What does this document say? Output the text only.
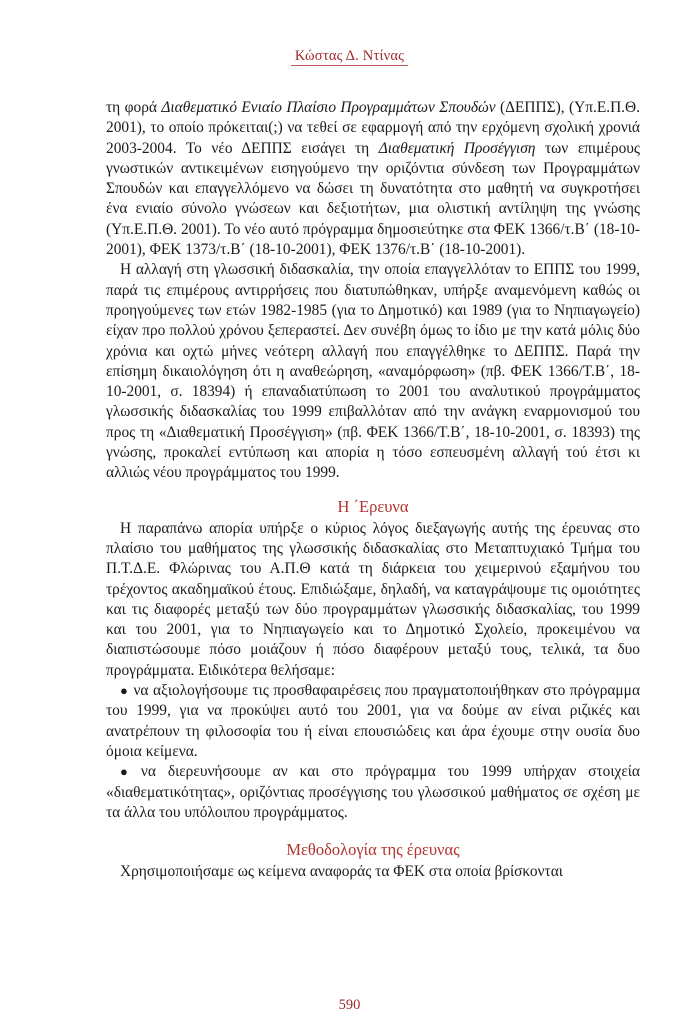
Κώστας Δ. Ντίνας

τη φορά Διαθεματικό Ενιαίο Πλαίσιο Προγραμμάτων Σπουδών (ΔΕΠΠΣ), (Υπ.Ε.Π.Θ. 2001), το οποίο πρόκειται(;) να τεθεί σε εφαρμογή από την ερχόμενη σχολική χρονιά 2003-2004. Το νέο ΔΕΠΠΣ εισάγει τη Διαθεματική Προσέγγιση των επιμέρους γνωστικών αντικειμένων εισηγούμενο την οριζόντια σύνδεση των Προγραμμάτων Σπουδών και επαγγελλόμενο να δώσει τη δυνατότητα στο μαθητή να συγκροτήσει ένα ενιαίο σύνολο γνώσεων και δεξιοτήτων, μια ολιστική αντίληψη της γνώσης (Υπ.Ε.Π.Θ. 2001). Το νέο αυτό πρόγραμμα δημοσιεύτηκε στα ΦΕΚ 1366/τ.Β΄ (18-10-2001), ΦΕΚ 1373/τ.Β΄ (18-10-2001), ΦΕΚ 1376/τ.Β΄ (18-10-2001).

Η αλλαγή στη γλωσσική διδασκαλία, την οποία επαγγελλόταν το ΕΠΠΣ του 1999, παρά τις επιμέρους αντιρρήσεις που διατυπώθηκαν, υπήρξε αναμενόμενη καθώς οι προηγούμενες των ετών 1982-1985 (για το Δημοτικό) και 1989 (για το Νηπιαγωγείο) είχαν προ πολλού χρόνου ξεπεραστεί. Δεν συνέβη όμως το ίδιο με την κατά μόλις δύο χρόνια και οχτώ μήνες νεότερη αλλαγή που επαγγέλθηκε το ΔΕΠΠΣ. Παρά την επίσημη δικαιολόγηση ότι η αναθεώρηση, «αναμόρφωση» (πβ. ΦΕΚ 1366/Τ.Β΄, 18-10-2001, σ. 18394) ή επαναδιατύπωση το 2001 του αναλυτικού προγράμματος γλωσσικής διδασκαλίας του 1999 επιβαλλόταν από την ανάγκη εναρμονισμού του προς τη «Διαθεματική Προσέγγιση» (πβ. ΦΕΚ 1366/Τ.Β΄, 18-10-2001, σ. 18393) της γνώσης, προκαλεί εντύπωση και απορία η τόσο εσπευσμένη αλλαγή τού έτσι κι αλλιώς νέου προγράμματος του 1999.

Η ΄Ερευνα

Η παραπάνω απορία υπήρξε ο κύριος λόγος διεξαγωγής αυτής της έρευνας στο πλαίσιο του μαθήματος της γλωσσικής διδασκαλίας στο Μεταπτυχιακό Τμήμα του Π.Τ.Δ.Ε. Φλώρινας του Α.Π.Θ κατά τη διάρκεια του χειμερινού εξαμήνου του τρέχοντος ακαδημαϊκού έτους. Επιδιώξαμε, δηλαδή, να καταγράψουμε τις ομοιότητες και τις διαφορές μεταξύ των δύο προγραμμάτων γλωσσικής διδασκαλίας, του 1999 και του 2001, για το Νηπιαγωγείο και το Δημοτικό Σχολείο, προκειμένου να διαπιστώσουμε πόσο μοιάζουν ή πόσο διαφέρουν μεταξύ τους, τελικά, τα δυο προγράμματα. Ειδικότερα θελήσαμε:

● να αξιολογήσουμε τις προσθαφαιρέσεις που πραγματοποιήθηκαν στο πρόγραμμα του 1999, για να προκύψει αυτό του 2001, για να δούμε αν είναι ριζικές και ανατρέπουν τη φιλοσοφία του ή είναι επουσιώδεις και άρα έχουμε στην ουσία δυο όμοια κείμενα.

● να διερευνήσουμε αν και στο πρόγραμμα του 1999 υπήρχαν στοιχεία «διαθεματικότητας», οριζόντιας προσέγγισης του γλωσσικού μαθήματος σε σχέση με τα άλλα του υπόλοιπου προγράμματος.

Μεθοδολογία της έρευνας

Χρησιμοποιήσαμε ως κείμενα αναφοράς τα ΦΕΚ στα οποία βρίσκονται

590
